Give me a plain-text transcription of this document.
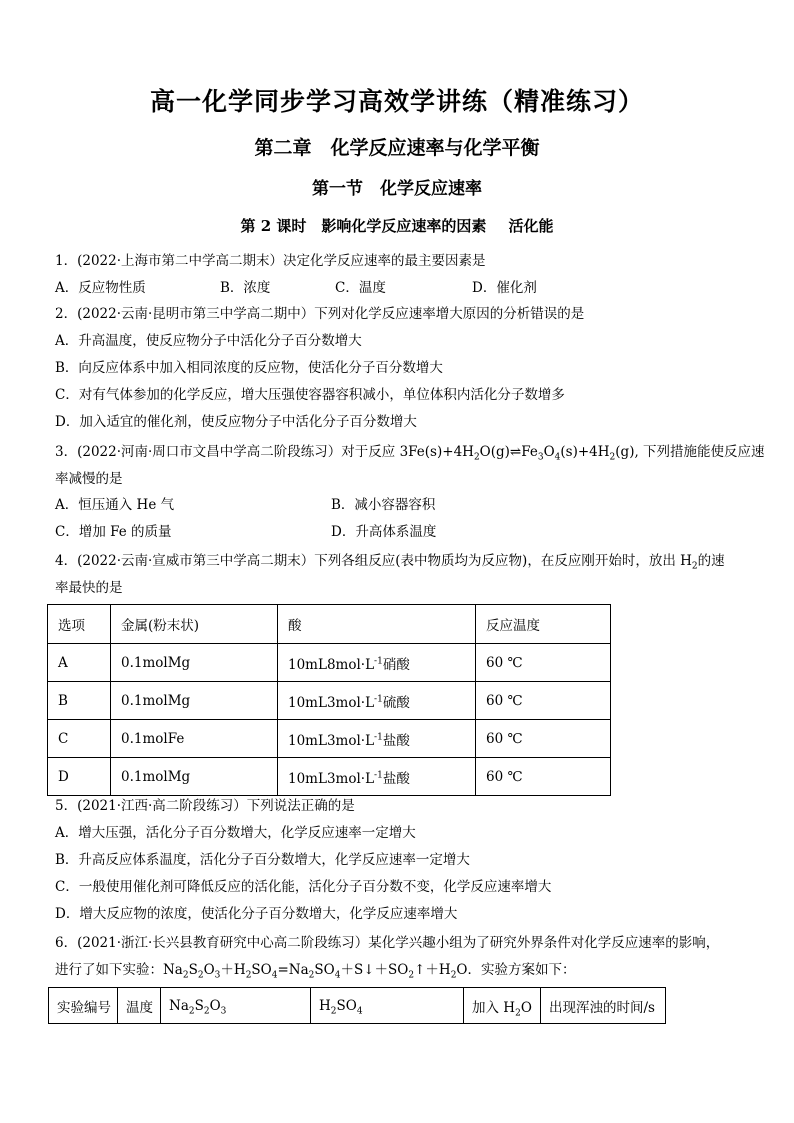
高一化学同步学习高效学讲练（精准练习）
第二章　化学反应速率与化学平衡
第一节　化学反应速率
第 2 课时　影响化学反应速率的因素 活化能
1．(2022·上海市第二中学高二期末）决定化学反应速率的最主要因素是
A．反应物性质	B．浓度	C．温度	D．催化剂
2．(2022·云南·昆明市第三中学高二期中）下列对化学反应速率增大原因的分析错误的是
A．升高温度，使反应物分子中活化分子百分数增大
B．向反应体系中加入相同浓度的反应物，使活化分子百分数增大
C．对有气体参加的化学反应，增大压强使容器容积减小，单位体积内活化分子数增多
D．加入适宜的催化剂，使反应物分子中活化分子百分数增大
3．(2022·河南·周口市文昌中学高二阶段练习）对于反应 $3Fe(s)+4H_2O(g)\rightleftharpoons Fe_3O_4(s)+4H_2(g)$, 下列措施能使反应速
率减慢的是
A．恒压通入 He 气	B．减小容器容积
C．增加 Fe 的质量	D．升高体系温度
4．(2022·云南·宣威市第三中学高二期末）下列各组反应(表中物质均为反应物)，在反应刚开始时，放出 $H_2$的速
率最快的是
选项	金属(粉末状)	酸	反应温度
A	0.1molMg	$10mL8mol\cdot L^{-1}$硝酸	60 ℃
B	0.1molMg	$10mL3mol\cdot L^{-1}$硫酸	60 ℃
C	0.1molFe	$10mL3mol\cdot L^{-1}$盐酸	60 ℃
D	0.1molMg	$10mL3mol\cdot L^{-1}$盐酸	60 ℃
5．(2021·江西·高二阶段练习）下列说法正确的是
A．增大压强，活化分子百分数增大，化学反应速率一定增大
B．升高反应体系温度，活化分子百分数增大，化学反应速率一定增大
C．一般使用催化剂可降低反应的活化能，活化分子百分数不变，化学反应速率增大
D．增大反应物的浓度，使活化分子百分数增大，化学反应速率增大
6．(2021·浙江·长兴县教育研究中心高二阶段练习）某化学兴趣小组为了研究外界条件对化学反应速率的影响，
进行了如下实验：$Na_2S_2O_3+H_2SO_4=Na_2SO_4+S↓+SO_2↑+H_2O$．实验方案如下：
实验编号	温度	$Na_2S_2O_3$	$H_2SO_4$	加入 $H_2O$	出现浑浊的时间/s
